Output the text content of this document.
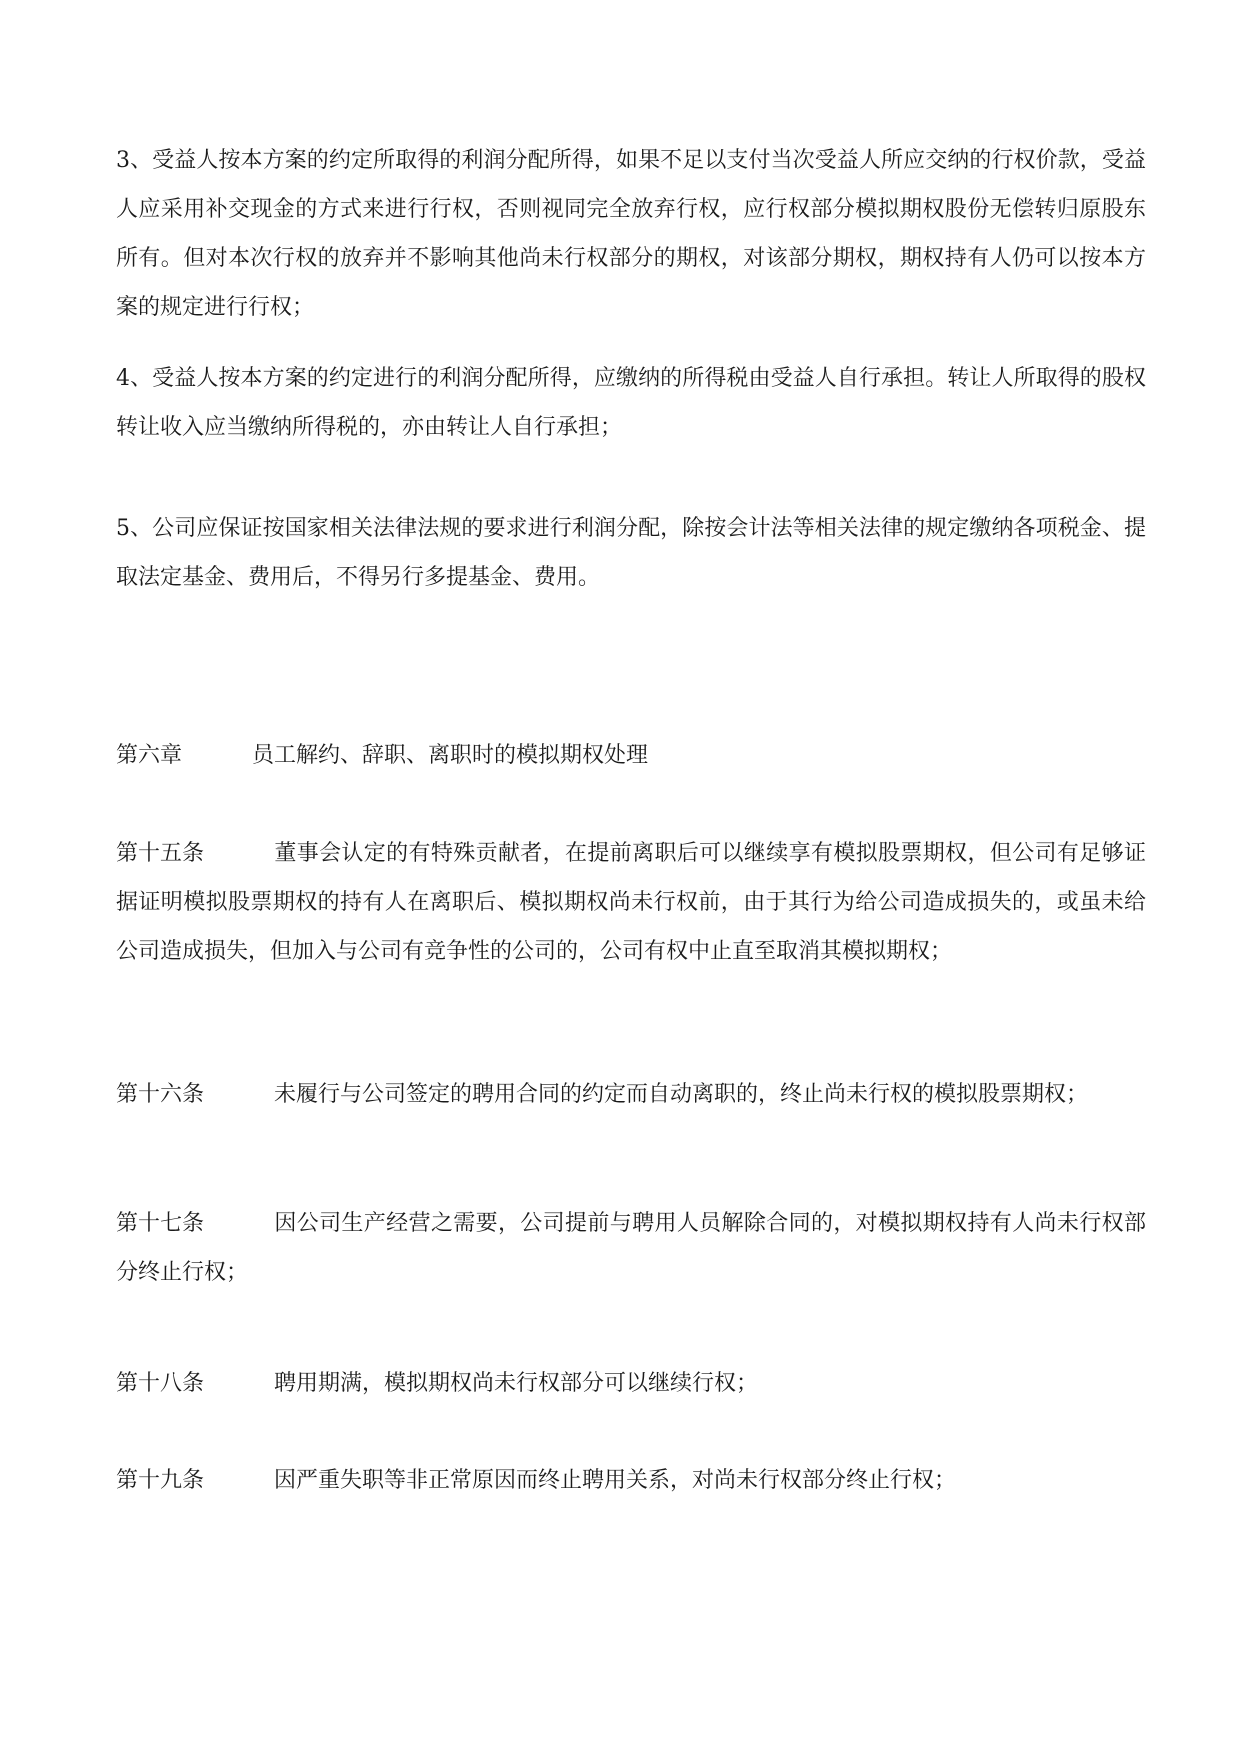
3、受益人按本方案的约定所取得的利润分配所得，如果不足以支付当次受益人所应交纳的行权价款，受益人应采用补交现金的方式来进行行权，否则视同完全放弃行权，应行权部分模拟期权股份无偿转归原股东所有。但对本次行权的放弃并不影响其他尚未行权部分的期权，对该部分期权，期权持有人仍可以按本方案的规定进行行权；

4、受益人按本方案的约定进行的利润分配所得，应缴纳的所得税由受益人自行承担。转让人所取得的股权转让收入应当缴纳所得税的，亦由转让人自行承担；

5、公司应保证按国家相关法律法规的要求进行利润分配，除按会计法等相关法律的规定缴纳各项税金、提取法定基金、费用后，不得另行多提基金、费用。

第六章	员工解约、辞职、离职时的模拟期权处理

第十五条	董事会认定的有特殊贡献者，在提前离职后可以继续享有模拟股票期权，但公司有足够证据证明模拟股票期权的持有人在离职后、模拟期权尚未行权前，由于其行为给公司造成损失的，或虽未给公司造成损失，但加入与公司有竞争性的公司的，公司有权中止直至取消其模拟期权；

第十六条	未履行与公司签定的聘用合同的约定而自动离职的，终止尚未行权的模拟股票期权；

第十七条	因公司生产经营之需要，公司提前与聘用人员解除合同的，对模拟期权持有人尚未行权部分终止行权；

第十八条	聘用期满，模拟期权尚未行权部分可以继续行权；

第十九条	因严重失职等非正常原因而终止聘用关系，对尚未行权部分终止行权；
